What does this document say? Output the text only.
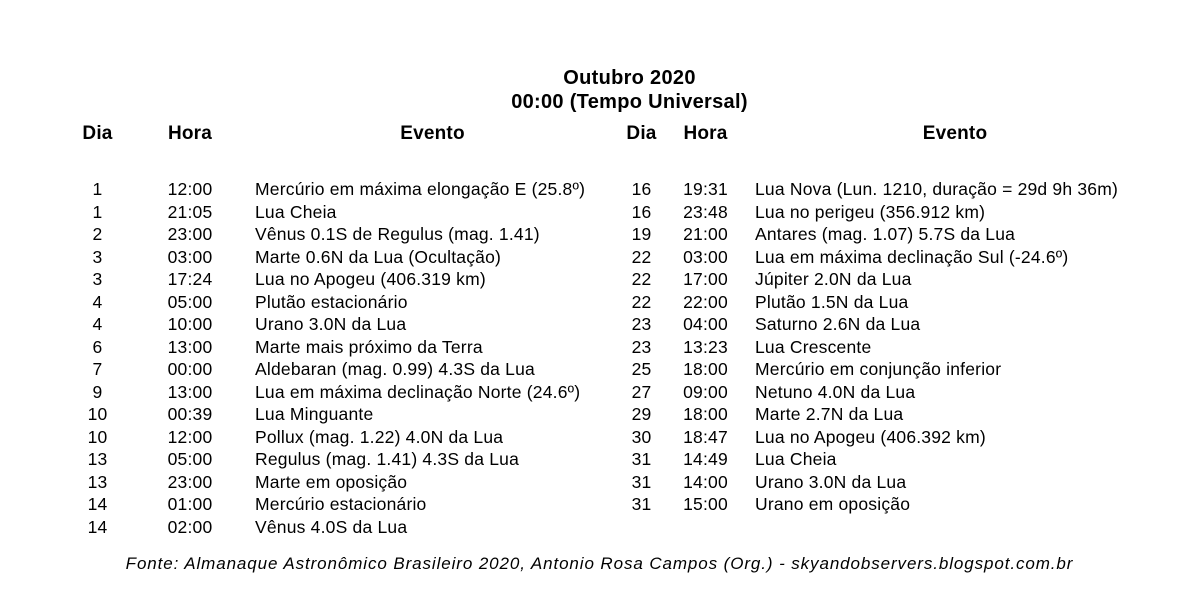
Outubro 2020
00:00 (Tempo Universal)
Dia	Hora	Evento
1	12:00	Mercúrio em máxima elongação E (25.8º)
1	21:05	Lua Cheia
2	23:00	Vênus 0.1S de Regulus (mag. 1.41)
3	03:00	Marte 0.6N da Lua (Ocultação)
3	17:24	Lua no Apogeu (406.319 km)
4	05:00	Plutão estacionário
4	10:00	Urano 3.0N da Lua
6	13:00	Marte mais próximo da Terra
7	00:00	Aldebaran (mag. 0.99) 4.3S da Lua
9	13:00	Lua em máxima declinação Norte (24.6º)
10	00:39	Lua Minguante
10	12:00	Pollux (mag. 1.22) 4.0N da Lua
13	05:00	Regulus (mag. 1.41) 4.3S da Lua
13	23:00	Marte em oposição
14	01:00	Mercúrio estacionário
14	02:00	Vênus 4.0S da Lua
Dia	Hora	Evento
16	19:31	Lua Nova (Lun. 1210, duração = 29d 9h 36m)
16	23:48	Lua no perigeu (356.912 km)
19	21:00	Antares (mag. 1.07) 5.7S da Lua
22	03:00	Lua em máxima declinação Sul (-24.6º)
22	17:00	Júpiter 2.0N da Lua
22	22:00	Plutão 1.5N da Lua
23	04:00	Saturno 2.6N da Lua
23	13:23	Lua Crescente
25	18:00	Mercúrio em conjunção inferior
27	09:00	Netuno 4.0N da Lua
29	18:00	Marte 2.7N da Lua
30	18:47	Lua no Apogeu (406.392 km)
31	14:49	Lua Cheia
31	14:00	Urano 3.0N da Lua
31	15:00	Urano em oposição
Fonte: Almanaque Astronômico Brasileiro 2020, Antonio Rosa Campos (Org.) - skyandobservers.blogspot.com.br
